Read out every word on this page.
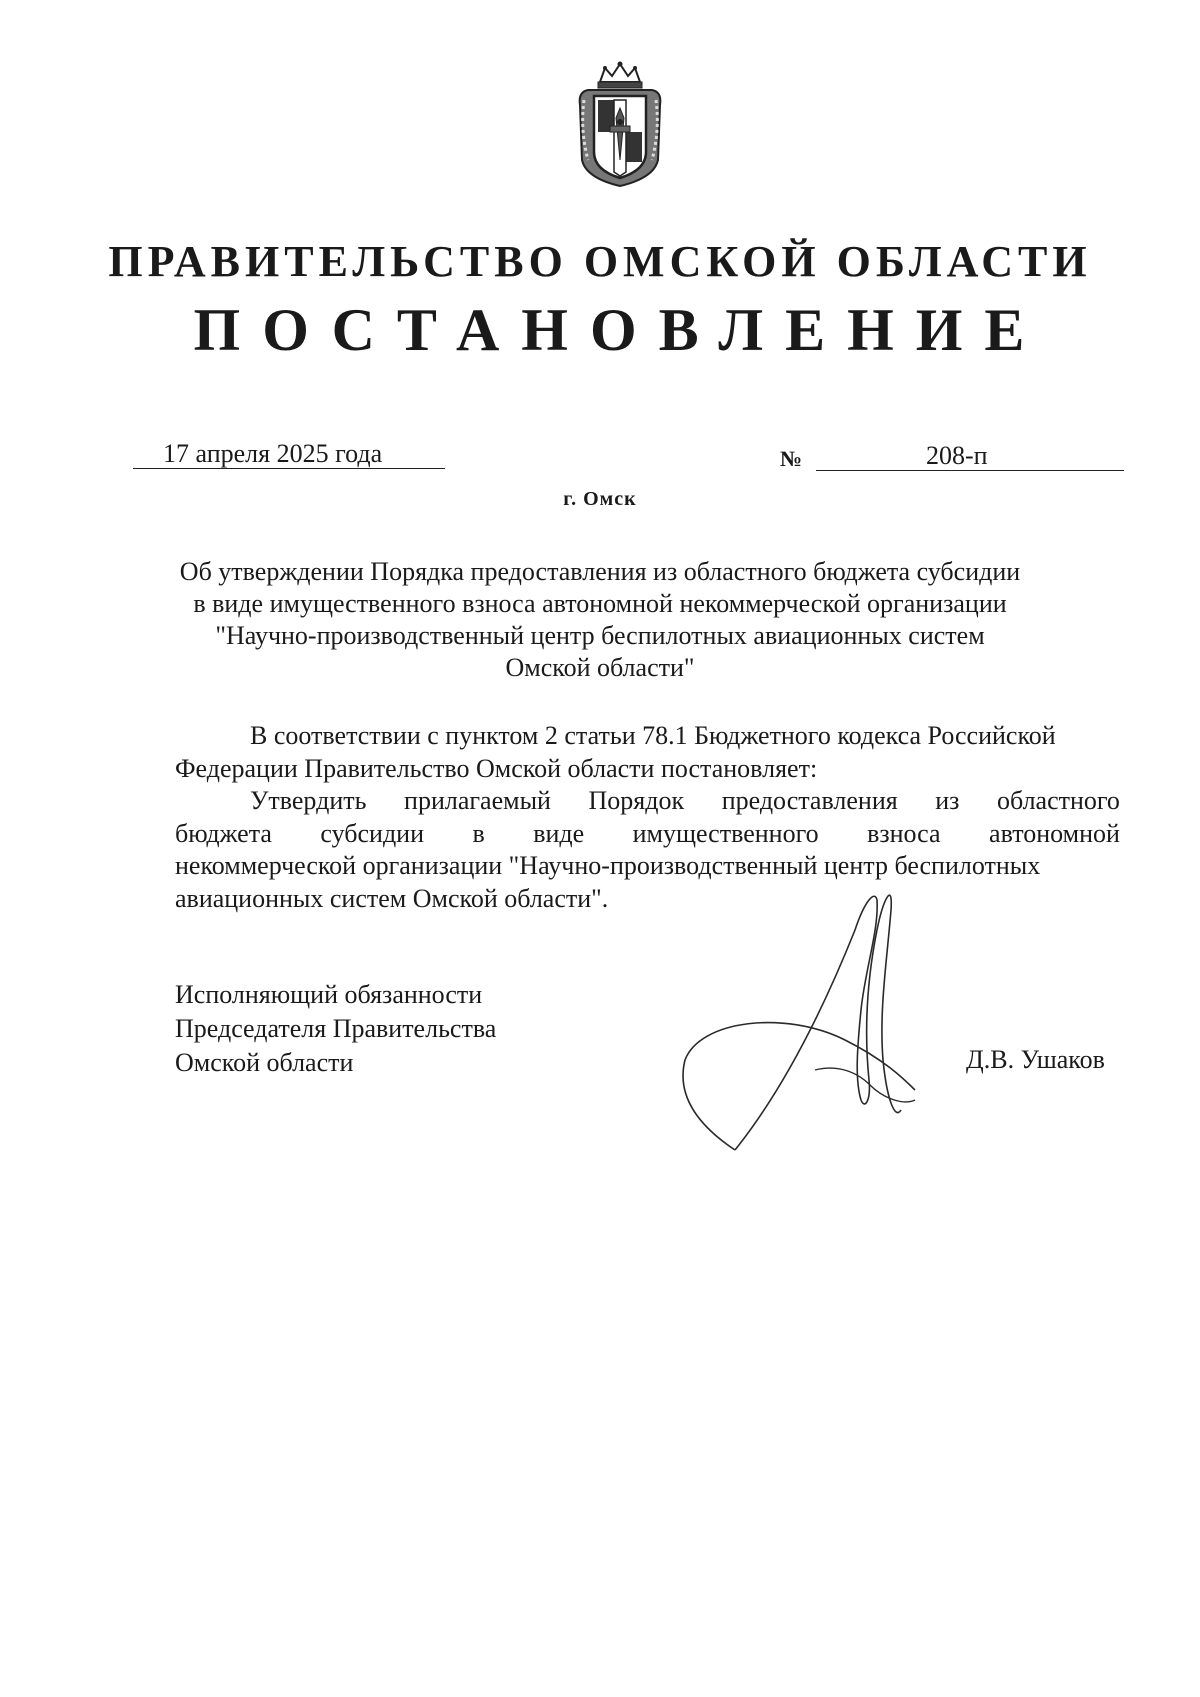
ПРАВИТЕЛЬСТВО ОМСКОЙ ОБЛАСТИ
ПОСТАНОВЛЕНИЕ
17 апреля 2025 года	№	208-п
г. Омск
Об утверждении Порядка предоставления из областного бюджета субсидии
в виде имущественного взноса автономной некоммерческой организации
"Научно-производственный центр беспилотных авиационных систем
Омской области"
В соответствии с пунктом 2 статьи 78.1 Бюджетного кодекса Российской
Федерации Правительство Омской области постановляет:
Утвердить прилагаемый Порядок предоставления из областного
бюджета субсидии в виде имущественного взноса автономной
некоммерческой организации "Научно-производственный центр беспилотных
авиационных систем Омской области".
Исполняющий обязанности
Председателя Правительства
Омской области	Д.В. Ушаков
